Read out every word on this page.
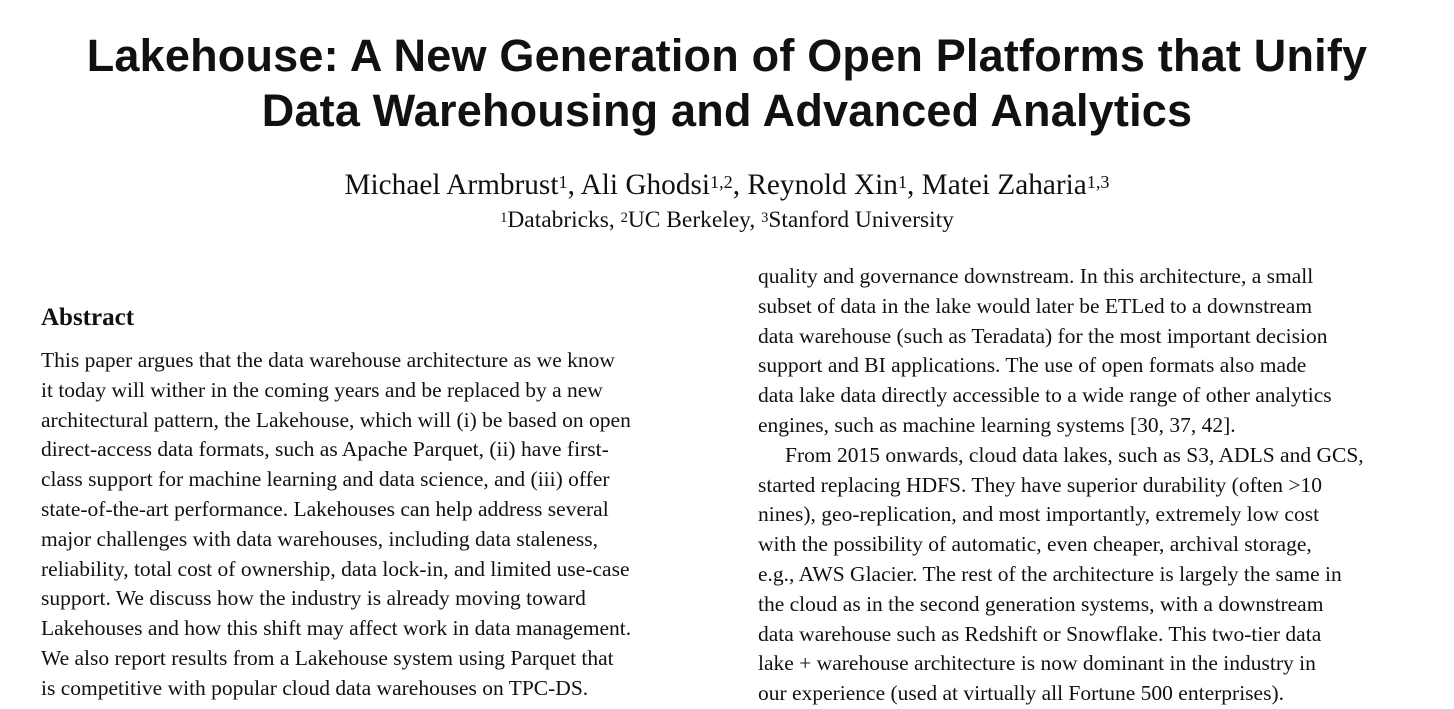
Lakehouse: A New Generation of Open Platforms that Unify
Data Warehousing and Advanced Analytics
Michael Armbrust$^1$, Ali Ghodsi$^{1,2}$, Reynold Xin$^1$, Matei Zaharia$^{1,3}$
$^1$Databricks, $^2$UC Berkeley, $^3$Stanford University
Abstract
This paper argues that the data warehouse architecture as we know
it today will wither in the coming years and be replaced by a new
architectural pattern, the Lakehouse, which will (i) be based on open
direct-access data formats, such as Apache Parquet, (ii) have first-
class support for machine learning and data science, and (iii) offer
state-of-the-art performance. Lakehouses can help address several
major challenges with data warehouses, including data staleness,
reliability, total cost of ownership, data lock-in, and limited use-case
support. We discuss how the industry is already moving toward
Lakehouses and how this shift may affect work in data management.
We also report results from a Lakehouse system using Parquet that
is competitive with popular cloud data warehouses on TPC-DS.
quality and governance downstream. In this architecture, a small
subset of data in the lake would later be ETLed to a downstream
data warehouse (such as Teradata) for the most important decision
support and BI applications. The use of open formats also made
data lake data directly accessible to a wide range of other analytics
engines, such as machine learning systems [30, 37, 42].
From 2015 onwards, cloud data lakes, such as S3, ADLS and GCS,
started replacing HDFS. They have superior durability (often >10
nines), geo-replication, and most importantly, extremely low cost
with the possibility of automatic, even cheaper, archival storage,
e.g., AWS Glacier. The rest of the architecture is largely the same in
the cloud as in the second generation systems, with a downstream
data warehouse such as Redshift or Snowflake. This two-tier data
lake + warehouse architecture is now dominant in the industry in
our experience (used at virtually all Fortune 500 enterprises).
